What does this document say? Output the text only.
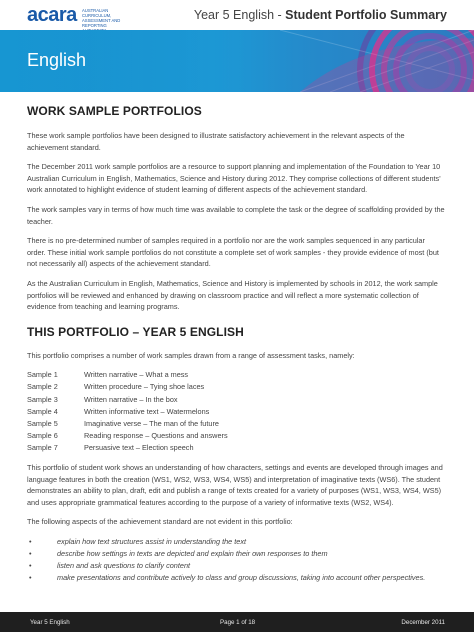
acara AUSTRALIAN CURRICULUM, ASSESSMENT AND REPORTING
Year 5 English - Student Portfolio Summary
English
WORK SAMPLE PORTFOLIOS

These work sample portfolios have been designed to illustrate satisfactory achievement in the relevant aspects of the achievement standard.

The December 2011 work sample portfolios are a resource to support planning and implementation of the Foundation to Year 10 Australian Curriculum in English, Mathematics, Science and History during 2012. They comprise collections of different students' work annotated to highlight evidence of student learning of different aspects of the achievement standard.

The work samples vary in terms of how much time was available to complete the task or the degree of scaffolding provided by the teacher.

There is no pre-determined number of samples required in a portfolio nor are the work samples sequenced in any particular order. These initial work sample portfolios do not constitute a complete set of work samples - they provide evidence of most (but not necessarily all) aspects of the achievement standard.

As the Australian Curriculum in English, Mathematics, Science and History is implemented by schools in 2012, the work sample portfolios will be reviewed and enhanced by drawing on classroom practice and will reflect a more systematic collection of evidence from teaching and learning programs.

THIS PORTFOLIO – YEAR 5 ENGLISH

This portfolio comprises a number of work samples drawn from a range of assessment tasks, namely:

Sample 1	Written narrative – What a mess
Sample 2	Written procedure – Tying shoe laces
Sample 3	Written narrative – In the box
Sample 4	Written informative text – Watermelons
Sample 5	Imaginative verse – The man of the future
Sample 6	Reading response – Questions and answers
Sample 7	Persuasive text – Election speech

This portfolio of student work shows an understanding of how characters, settings and events are developed through images and language features in both the creation (WS1, WS2, WS3, WS4, WS5) and interpretation of imaginative texts (WS6). The student demonstrates an ability to plan, draft, edit and publish a range of texts created for a variety of purposes (WS1, WS3, WS4, WS5) and uses appropriate grammatical features according to the purpose of a variety of informative texts (WS2, WS4).

The following aspects of the achievement standard are not evident in this portfolio:

•	explain how text structures assist in understanding the text
•	describe how settings in texts are depicted and explain their own responses to them
•	listen and ask questions to clarify content
•	make presentations and contribute actively to class and group discussions, taking into account other perspectives.
Year 5 English	Page 1 of 18	December 2011
